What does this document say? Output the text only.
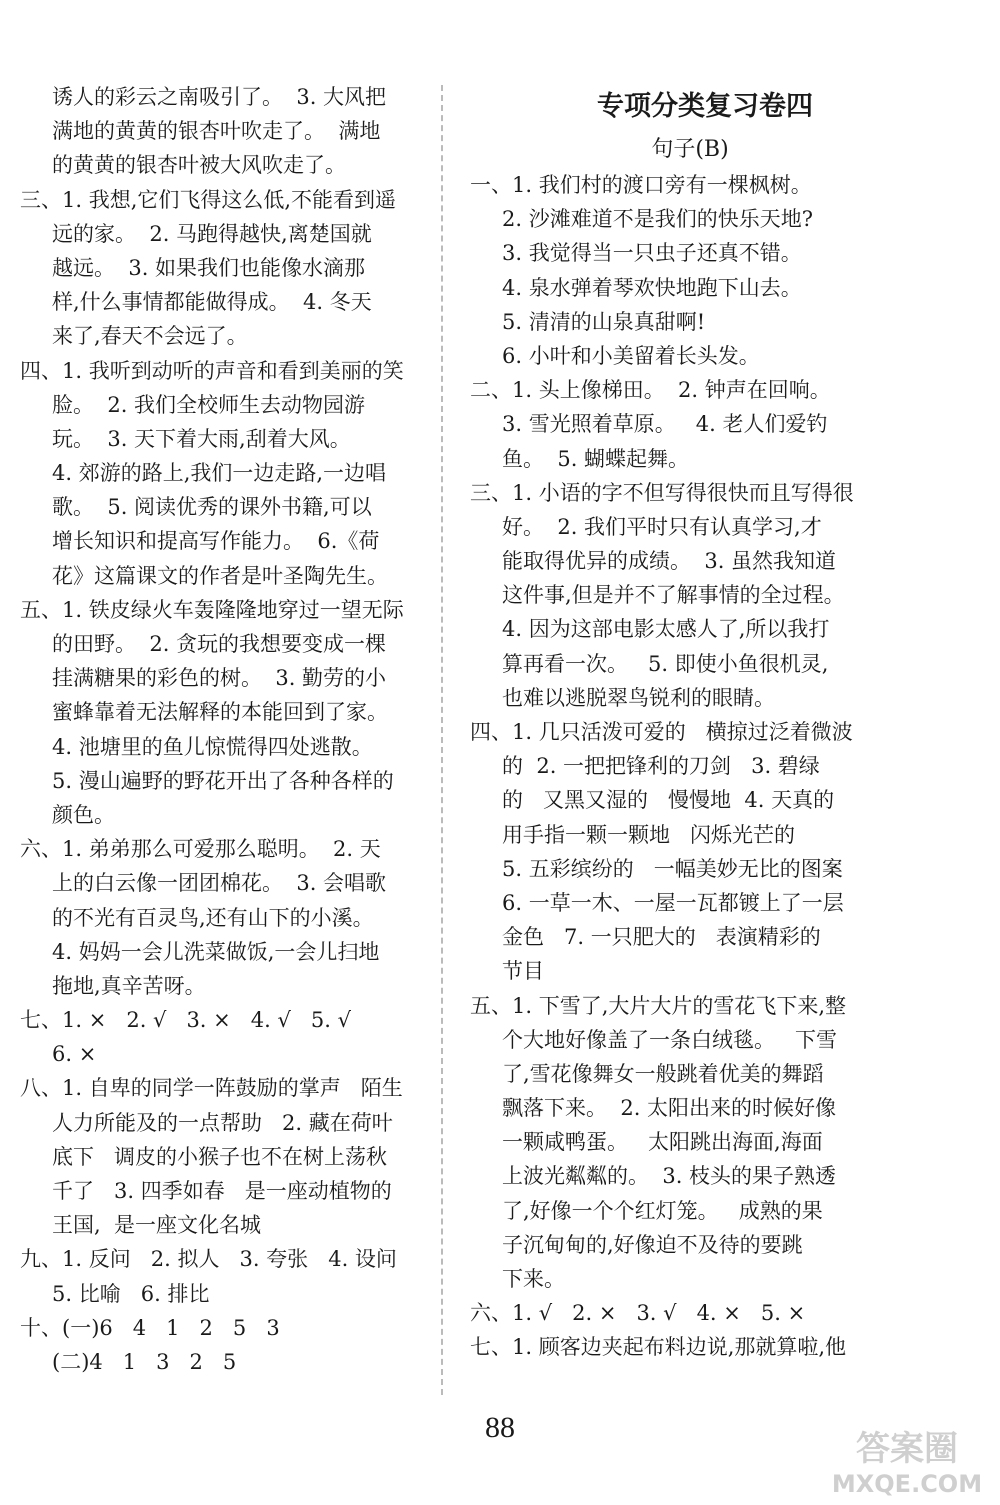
诱人的彩云之南吸引了。  3. 大风把
满地的黄黄的银杏叶吹走了。  满地
的黄黄的银杏叶被大风吹走了。
三、1. 我想,它们飞得这么低,不能看到遥
远的家。  2. 马跑得越快,离楚国就
越远。  3. 如果我们也能像水滴那
样,什么事情都能做得成。  4. 冬天
来了,春天不会远了。
四、1. 我听到动听的声音和看到美丽的笑
脸。  2. 我们全校师生去动物园游
玩。  3. 天下着大雨,刮着大风。
4. 郊游的路上,我们一边走路,一边唱
歌。  5. 阅读优秀的课外书籍,可以
增长知识和提高写作能力。  6.《荷
花》这篇课文的作者是叶圣陶先生。
五、1. 铁皮绿火车轰隆隆地穿过一望无际
的田野。  2. 贪玩的我想要变成一棵
挂满糖果的彩色的树。  3. 勤劳的小
蜜蜂靠着无法解释的本能回到了家。
4. 池塘里的鱼儿惊慌得四处逃散。
5. 漫山遍野的野花开出了各种各样的
颜色。
六、1. 弟弟那么可爱那么聪明。  2. 天
上的白云像一团团棉花。  3. 会唱歌
的不光有百灵鸟,还有山下的小溪。
4. 妈妈一会儿洗菜做饭,一会儿扫地
拖地,真辛苦呀。
七、1. ×   2. √   3. ×   4. √   5. √
6. ×
八、1. 自卑的同学一阵鼓励的掌声   陌生
人力所能及的一点帮助   2. 藏在荷叶
底下   调皮的小猴子也不在树上荡秋
千了   3. 四季如春   是一座动植物的
王国,  是一座文化名城
九、1. 反问   2. 拟人   3. 夸张   4. 设问
5. 比喻   6. 排比
十、(一)6   4   1   2   5   3
(二)4   1   3   2   5
专项分类复习卷四
句子(B)
一、1. 我们村的渡口旁有一棵枫树。
2. 沙滩难道不是我们的快乐天地?
3. 我觉得当一只虫子还真不错。
4. 泉水弹着琴欢快地跑下山去。
5. 清清的山泉真甜啊!
6. 小叶和小美留着长头发。
二、1. 头上像梯田。  2. 钟声在回响。
3. 雪光照着草原。   4. 老人们爱钓
鱼。  5. 蝴蝶起舞。
三、1. 小语的字不但写得很快而且写得很
好。  2. 我们平时只有认真学习,才
能取得优异的成绩。  3. 虽然我知道
这件事,但是并不了解事情的全过程。
4. 因为这部电影太感人了,所以我打
算再看一次。   5. 即使小鱼很机灵,
也难以逃脱翠鸟锐利的眼睛。
四、1. 几只活泼可爱的   横掠过泛着微波
的  2. 一把把锋利的刀剑   3. 碧绿
的   又黑又湿的   慢慢地  4. 天真的
用手指一颗一颗地   闪烁光芒的
5. 五彩缤纷的   一幅美妙无比的图案
6. 一草一木、一屋一瓦都镀上了一层
金色   7. 一只肥大的   表演精彩的
节目
五、1. 下雪了,大片大片的雪花飞下来,整
个大地好像盖了一条白绒毯。   下雪
了,雪花像舞女一般跳着优美的舞蹈
飘落下来。  2. 太阳出来的时候好像
一颗咸鸭蛋。   太阳跳出海面,海面
上波光粼粼的。  3. 枝头的果子熟透
了,好像一个个红灯笼。   成熟的果
子沉甸甸的,好像迫不及待的要跳
下来。
六、1. √   2. ×   3. √   4. ×   5. ×
七、1. 顾客边夹起布料边说,那就算啦,他
88
答案圈
MXQE.COM
